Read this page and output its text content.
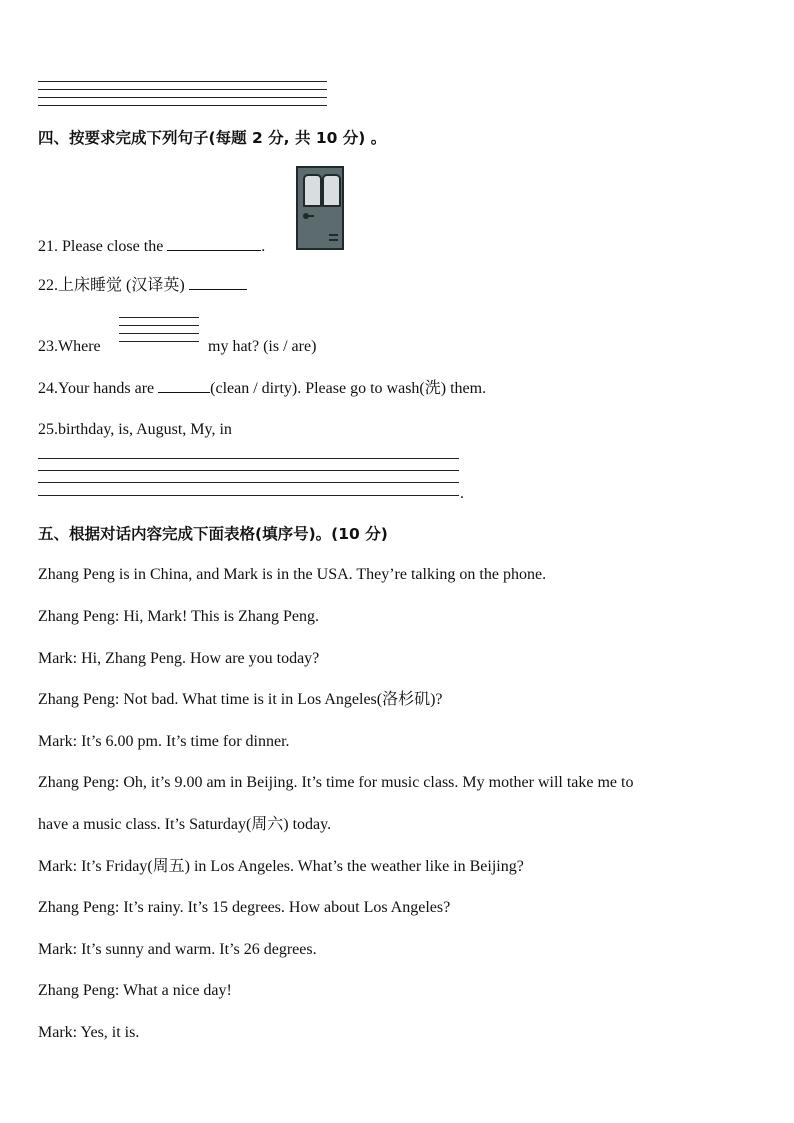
四、按要求完成下列句子(每题 2 分, 共 10 分) 。
21. Please close the	.
22.上床睡觉 (汉译英)
23.Where	my hat? (is / are)
24.Your hands are	(clean / dirty). Please go to wash(洗) them.
25.birthday, is, August, My, in
.
五、根据对话内容完成下面表格(填序号)。(10 分)
Zhang Peng is in China, and Mark is in the USA. They’re talking on the phone.
Zhang Peng: Hi, Mark! This is Zhang Peng.
Mark: Hi, Zhang Peng. How are you today?
Zhang Peng: Not bad. What time is it in Los Angeles(洛杉矶)?
Mark: It’s 6.00 pm. It’s time for dinner.
Zhang Peng: Oh, it’s 9.00 am in Beijing. It’s time for music class. My mother will take me to
have a music class. It’s Saturday(周六) today.
Mark: It’s Friday(周五) in Los Angeles. What’s the weather like in Beijing?
Zhang Peng: It’s rainy. It’s 15 degrees. How about Los Angeles?
Mark: It’s sunny and warm. It’s 26 degrees.
Zhang Peng: What a nice day!
Mark: Yes, it is.
